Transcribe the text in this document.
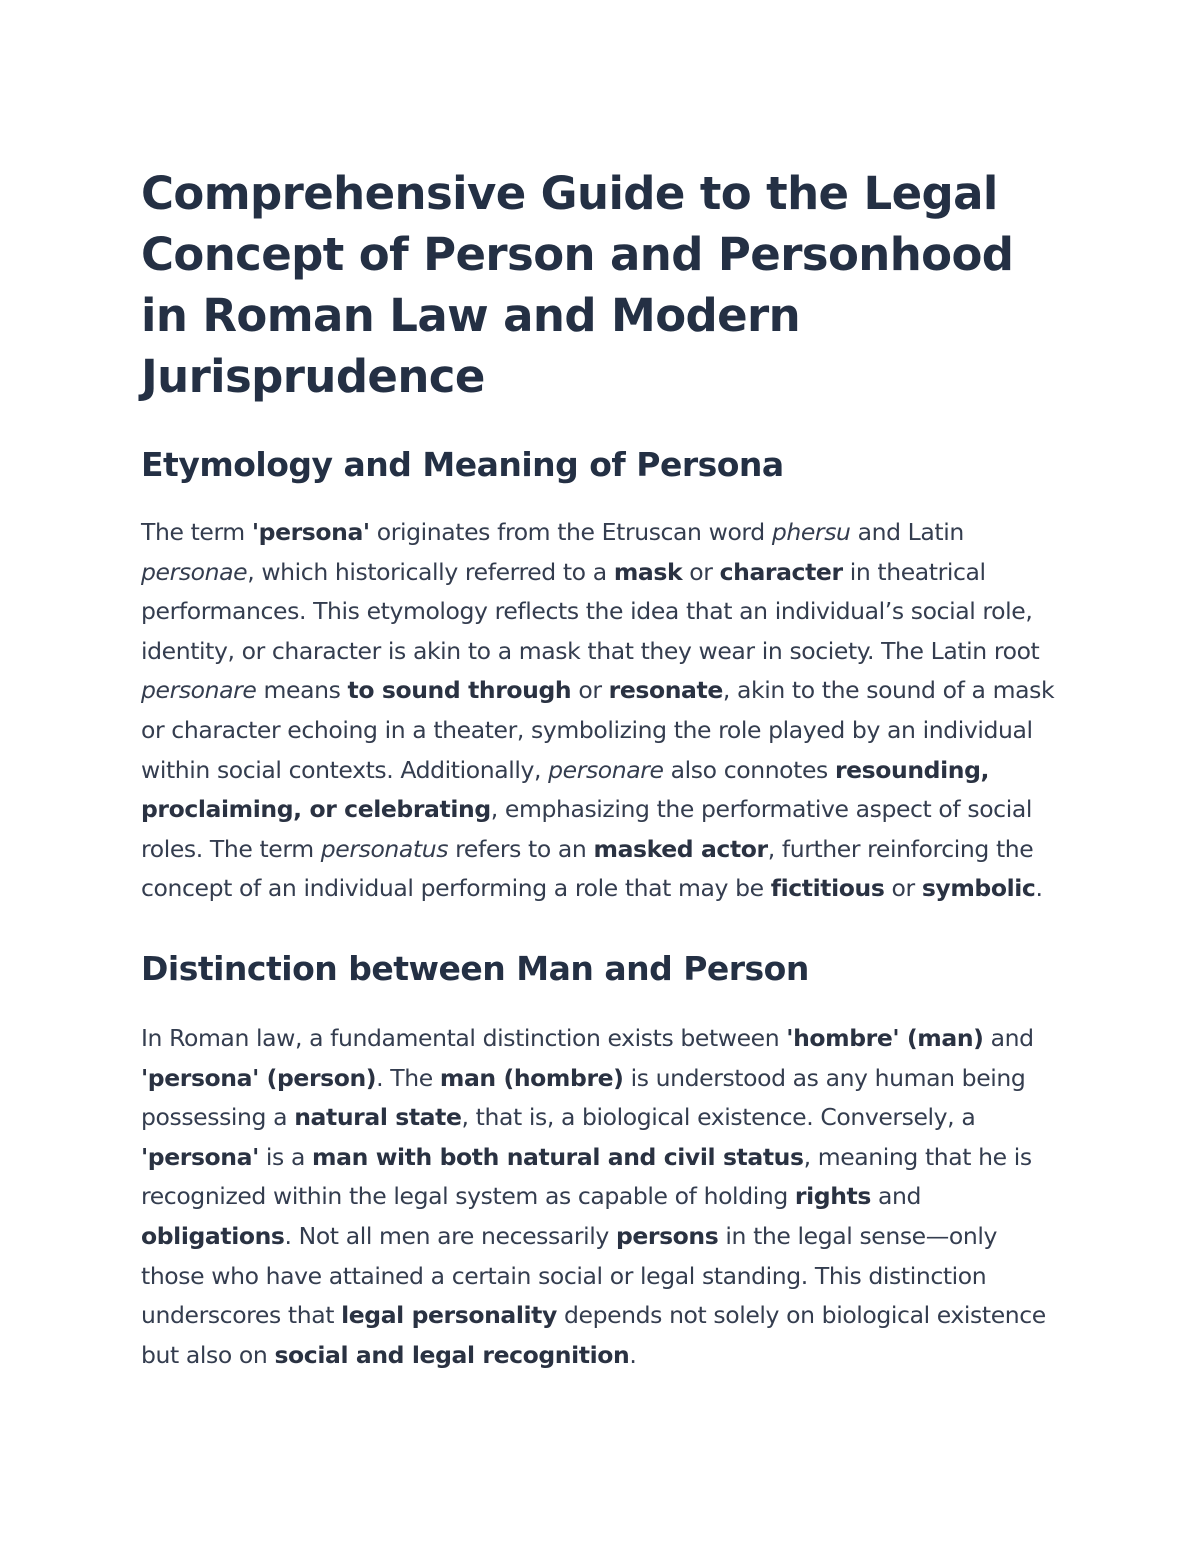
Comprehensive Guide to the Legal Concept of Person and Personhood in Roman Law and Modern Jurisprudence
Etymology and Meaning of Persona

The term 'persona' originates from the Etruscan word phersu and Latin personae, which historically referred to a mask or character in theatrical performances. This etymology reflects the idea that an individual’s social role, identity, or character is akin to a mask that they wear in society. The Latin root personare means to sound through or resonate, akin to the sound of a mask or character echoing in a theater, symbolizing the role played by an individual within social contexts. Additionally, personare also connotes resounding, proclaiming, or celebrating, emphasizing the performative aspect of social roles. The term personatus refers to an masked actor, further reinforcing the concept of an individual performing a role that may be fictitious or symbolic.

Distinction between Man and Person

In Roman law, a fundamental distinction exists between 'hombre' (man) and 'persona' (person). The man (hombre) is understood as any human being possessing a natural state, that is, a biological existence. Conversely, a 'persona' is a man with both natural and civil status, meaning that he is recognized within the legal system as capable of holding rights and obligations. Not all men are necessarily persons in the legal sense—only those who have attained a certain social or legal standing. This distinction underscores that legal personality depends not solely on biological existence but also on social and legal recognition.
